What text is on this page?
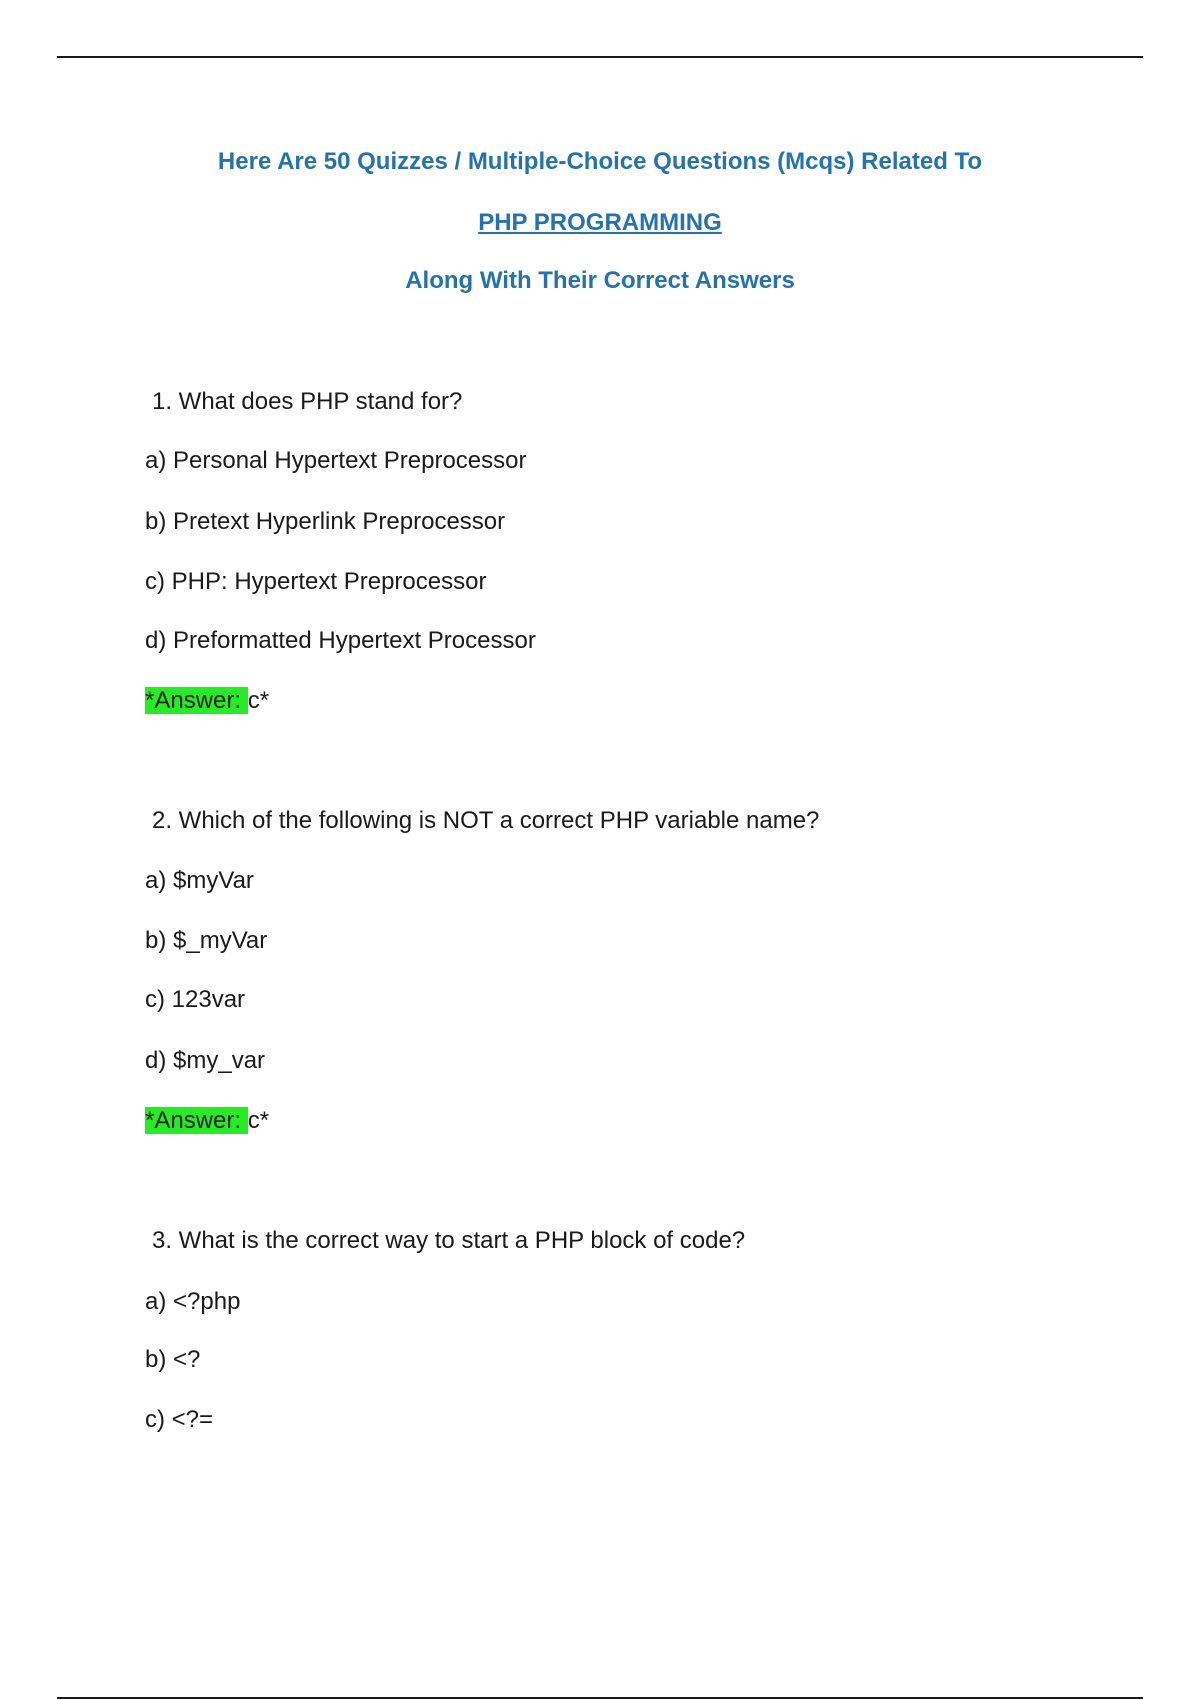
Here Are 50 Quizzes / Multiple-Choice Questions (Mcqs) Related To
PHP PROGRAMMING
Along With Their Correct Answers
1. What does PHP stand for?
a) Personal Hypertext Preprocessor
b) Pretext Hyperlink Preprocessor
c) PHP: Hypertext Preprocessor
d) Preformatted Hypertext Processor
*Answer: c*
2. Which of the following is NOT a correct PHP variable name?
a) $myVar
b) $_myVar
c) 123var
d) $my_var
*Answer: c*
3. What is the correct way to start a PHP block of code?
a) <?php
b) <?
c) <?=
